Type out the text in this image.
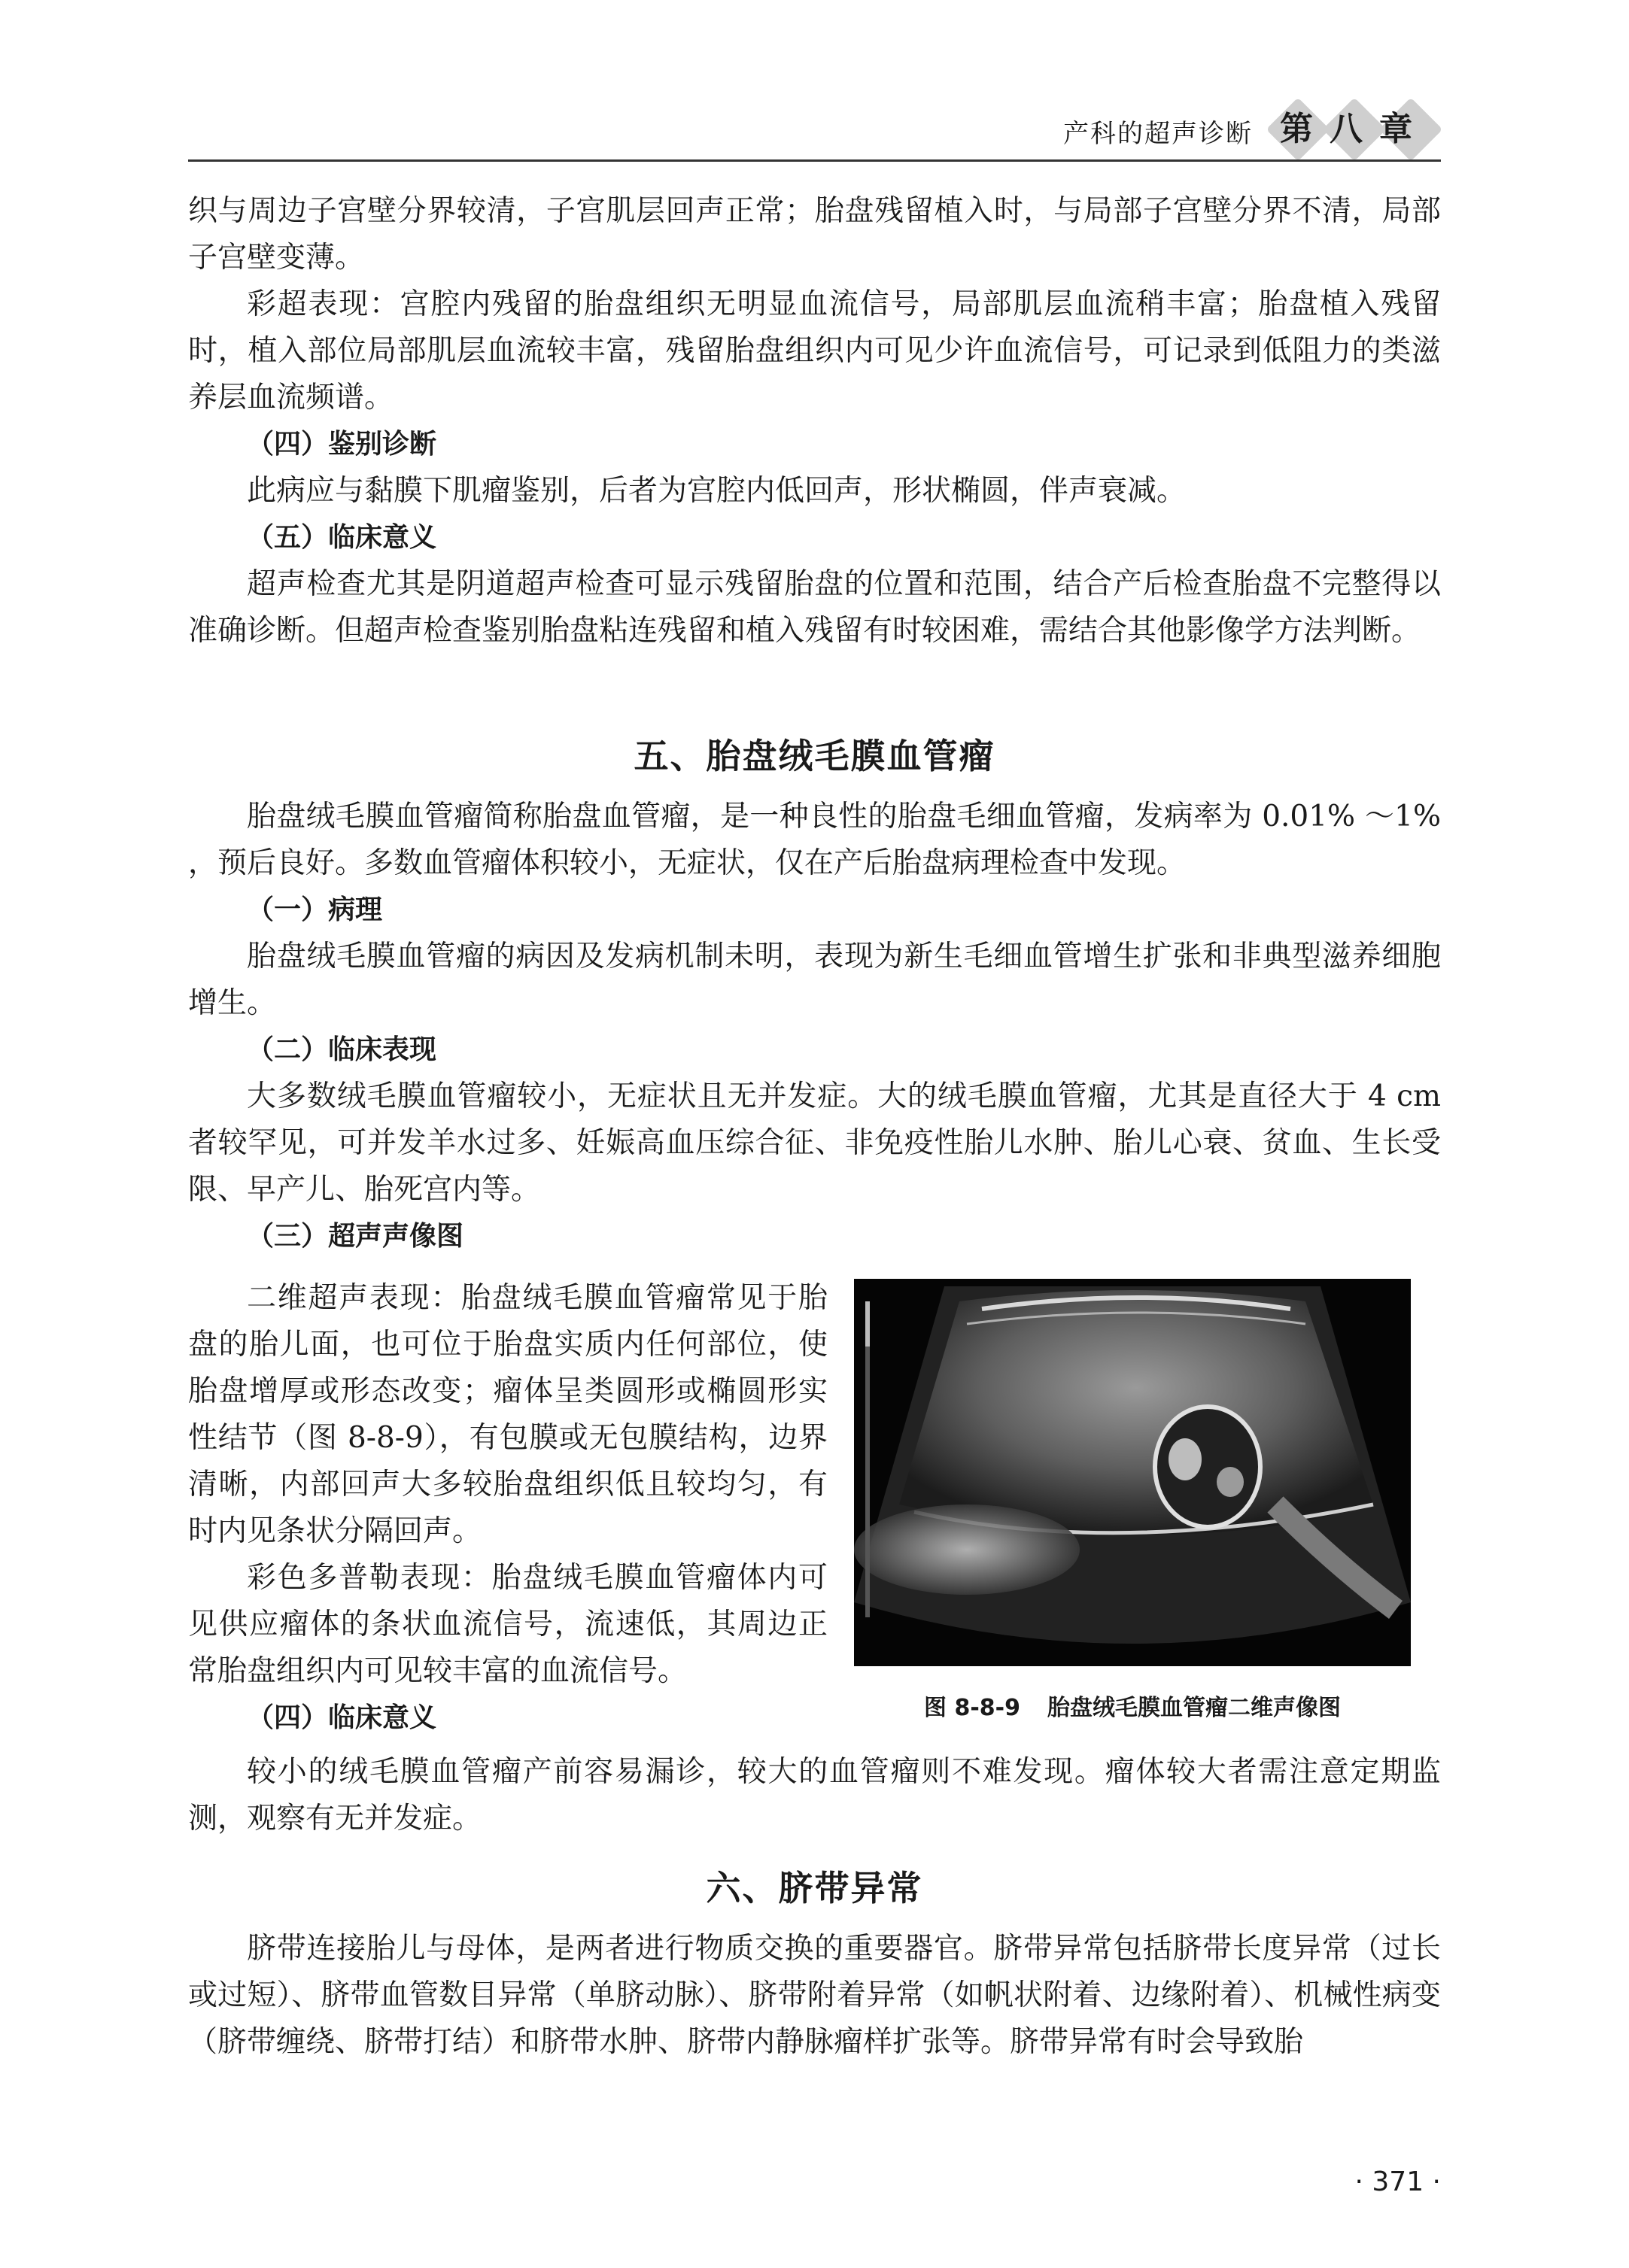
产科的超声诊断 第八章

织与周边子宫壁分界较清，子宫肌层回声正常；胎盘残留植入时，与局部子宫壁分界不清，局部子宫壁变薄。

彩超表现：宫腔内残留的胎盘组织无明显血流信号，局部肌层血流稍丰富；胎盘植入残留时，植入部位局部肌层血流较丰富，残留胎盘组织内可见少许血流信号，可记录到低阻力的类滋养层血流频谱。

（四）鉴别诊断

此病应与黏膜下肌瘤鉴别，后者为宫腔内低回声，形状椭圆，伴声衰减。

（五）临床意义

超声检查尤其是阴道超声检查可显示残留胎盘的位置和范围，结合产后检查胎盘不完整得以准确诊断。但超声检查鉴别胎盘粘连残留和植入残留有时较困难，需结合其他影像学方法判断。

五、胎盘绒毛膜血管瘤

胎盘绒毛膜血管瘤简称胎盘血管瘤，是一种良性的胎盘毛细血管瘤，发病率为 0.01% ～1% ，预后良好。多数血管瘤体积较小，无症状，仅在产后胎盘病理检查中发现。

（一）病理

胎盘绒毛膜血管瘤的病因及发病机制未明，表现为新生毛细血管增生扩张和非典型滋养细胞增生。

（二）临床表现

大多数绒毛膜血管瘤较小，无症状且无并发症。大的绒毛膜血管瘤，尤其是直径大于 4 cm 者较罕见，可并发羊水过多、妊娠高血压综合征、非免疫性胎儿水肿、胎儿心衰、贫血、生长受限、早产儿、胎死宫内等。

（三）超声声像图

二维超声表现：胎盘绒毛膜血管瘤常见于胎盘的胎儿面，也可位于胎盘实质内任何部位，使胎盘增厚或形态改变；瘤体呈类圆形或椭圆形实性结节（图 8-8-9），有包膜或无包膜结构，边界清晰，内部回声大多较胎盘组织低且较均匀，有时内见条状分隔回声。

彩色多普勒表现：胎盘绒毛膜血管瘤体内可见供应瘤体的条状血流信号，流速低，其周边正常胎盘组织内可见较丰富的血流信号。

（四）临床意义	图 8-8-9 胎盘绒毛膜血管瘤二维声像图

较小的绒毛膜血管瘤产前容易漏诊，较大的血管瘤则不难发现。瘤体较大者需注意定期监测，观察有无并发症。

六、脐带异常

脐带连接胎儿与母体，是两者进行物质交换的重要器官。脐带异常包括脐带长度异常（过长或过短）、脐带血管数目异常（单脐动脉）、脐带附着异常（如帆状附着、边缘附着）、机械性病变（脐带缠绕、脐带打结）和脐带水肿、脐带内静脉瘤样扩张等。脐带异常有时会导致胎

· 371 ·
